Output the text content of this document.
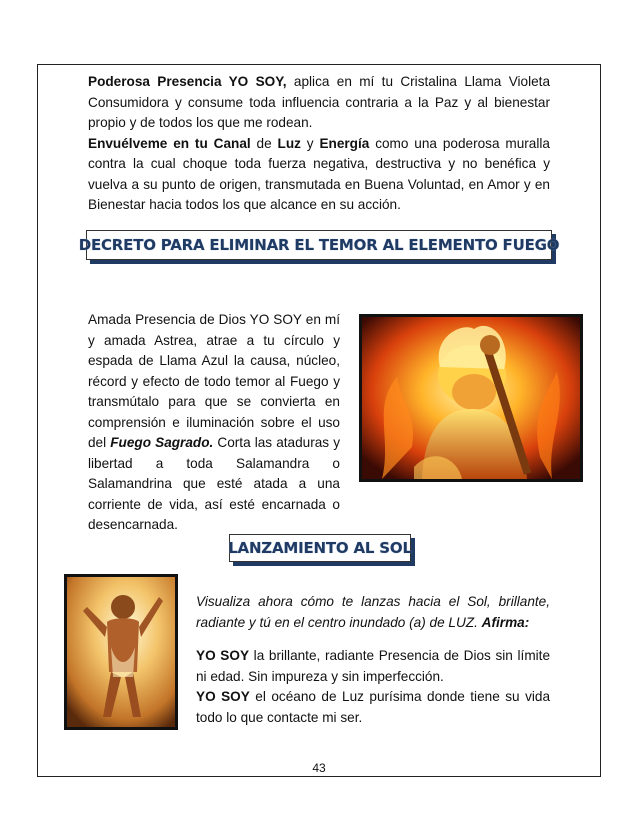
Poderosa Presencia YO SOY, aplica en mí tu Cristalina Llama Violeta Consumidora y consume toda influencia contraria a la Paz y al bienestar propio y de todos los que me rodean.
Envuélveme en tu Canal de Luz y Energía como una poderosa muralla contra la cual choque toda fuerza negativa, destructiva y no benéfica y vuelva a su punto de origen, transmutada en Buena Voluntad, en Amor y en Bienestar hacia todos los que alcance en su acción.

DECRETO PARA ELIMINAR EL TEMOR AL ELEMENTO FUEGO

Amada Presencia de Dios YO SOY en mí y amada Astrea, atrae a tu círculo y espada de Llama Azul la causa, núcleo, récord y efecto de todo temor al Fuego y transmútalo para que se convierta en comprensión e iluminación sobre el uso del Fuego Sagrado. Corta las ataduras y libertad a toda Salamandra o Salamandrina que esté atada a una corriente de vida, así esté encarnada o desencarnada.

LANZAMIENTO AL SOL

Visualiza ahora cómo te lanzas hacia el Sol, brillante, radiante y tú en el centro inundado (a) de LUZ. Afirma:

YO SOY la brillante, radiante Presencia de Dios sin límite ni edad. Sin impureza y sin imperfección.
YO SOY el océano de Luz purísima donde tiene su vida todo lo que contacte mi ser.

43
